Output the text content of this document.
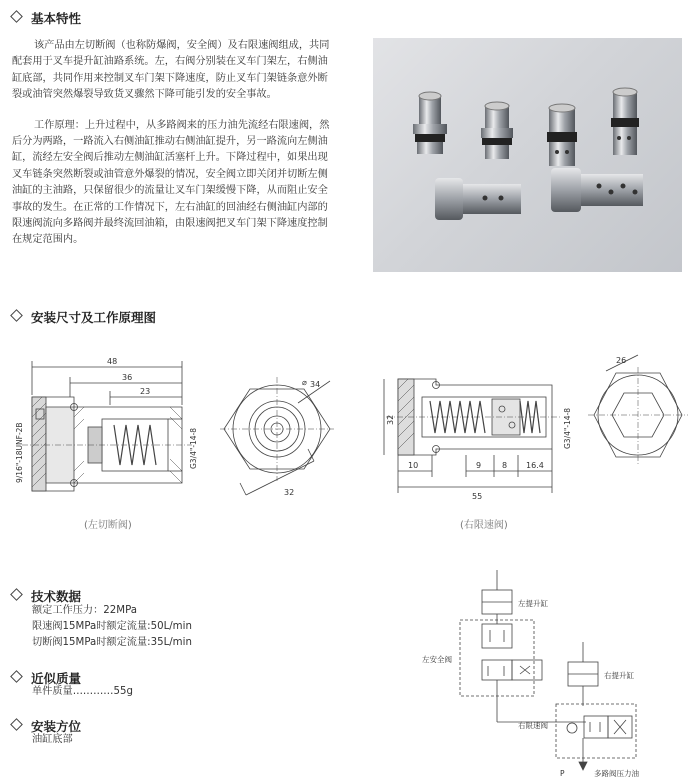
基本特性

该产品由左切断阀（也称防爆阀，安全阀）及右限速阀组成，共同配套用于叉车提升缸油路系统。左，右阀分别装在叉车门架左，右侧油缸底部，共同作用来控制叉车门架下降速度，防止叉车门架链条意外断裂或油管突然爆裂导致货叉骤然下降可能引发的安全事故。

工作原理：上升过程中，从多路阀来的压力油先流经右限速阀，然后分为两路，一路流入右侧油缸推动右侧油缸提升，另一路流向左侧油缸，流经左安全阀后推动左侧油缸活塞杆上升。下降过程中，如果出现叉车链条突然断裂或油管意外爆裂的情况，安全阀立即关闭并切断左侧油缸的主油路，只保留很少的流量让叉车门架缓慢下降，从而阻止安全事故的发生。在正常的工作情况下，左右油缸的回油经右侧油缸内部的限速阀流向多路阀并最终流回油箱，由限速阀把叉车门架下降速度控制在规定范围内。

安装尺寸及工作原理图
48
36
23
34
⌀
32
9/16"-18UNF-2B	G3/4"-14-8
(左切断阀)
32
10	9	8 16.4
55
26
G3/4"-14-8
(右限速阀)
技术数据
额定工作压力：22MPa
限速阀15MPa时额定流量:50L/min
切断阀15MPa时额定流量:35L/min
近似质量
单件质量…………55g
安装方位
油缸底部
左提升缸
左安全阀
右提升缸
右限速阀
P	多路阀压力油
